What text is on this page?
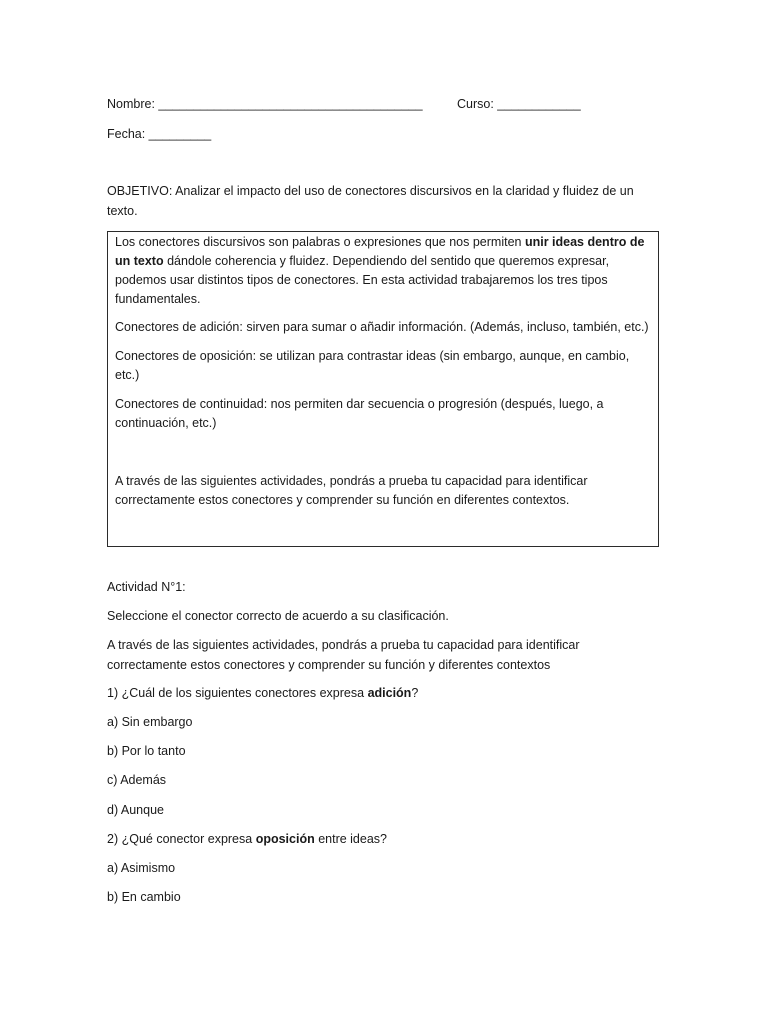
Nombre: ______________________________________
Fecha: _________
OBJETIVO: Analizar el impacto del uso de conectores discursivos en la claridad y fluidez de un texto.
Curso: ____________
Los conectores discursivos son palabras o expresiones que nos permiten unir ideas dentro de un texto dándole coherencia y fluidez. Dependiendo del sentido que queremos expresar, podemos usar distintos tipos de conectores. En esta actividad trabajaremos los tres tipos fundamentales.
Conectores de adición: sirven para sumar o añadir información. (Además, incluso, también, etc.)
Conectores de oposición: se utilizan para contrastar ideas (sin embargo, aunque, en cambio, etc.)
Conectores de continuidad: nos permiten dar secuencia o progresión (después, luego, a continuación, etc.)
A través de las siguientes actividades, pondrás a prueba tu capacidad para identificar correctamente estos conectores y comprender su función en diferentes contextos.
Actividad N°1:
Seleccione el conector correcto de acuerdo a su clasificación.
A través de las siguientes actividades, pondrás a prueba tu capacidad para identificar correctamente estos conectores y comprender su función y diferentes contextos
1) ¿Cuál de los siguientes conectores expresa adición?
a) Sin embargo
b) Por lo tanto
c) Además
d) Aunque
2) ¿Qué conector expresa oposición entre ideas?
a) Asimismo
b) En cambio
